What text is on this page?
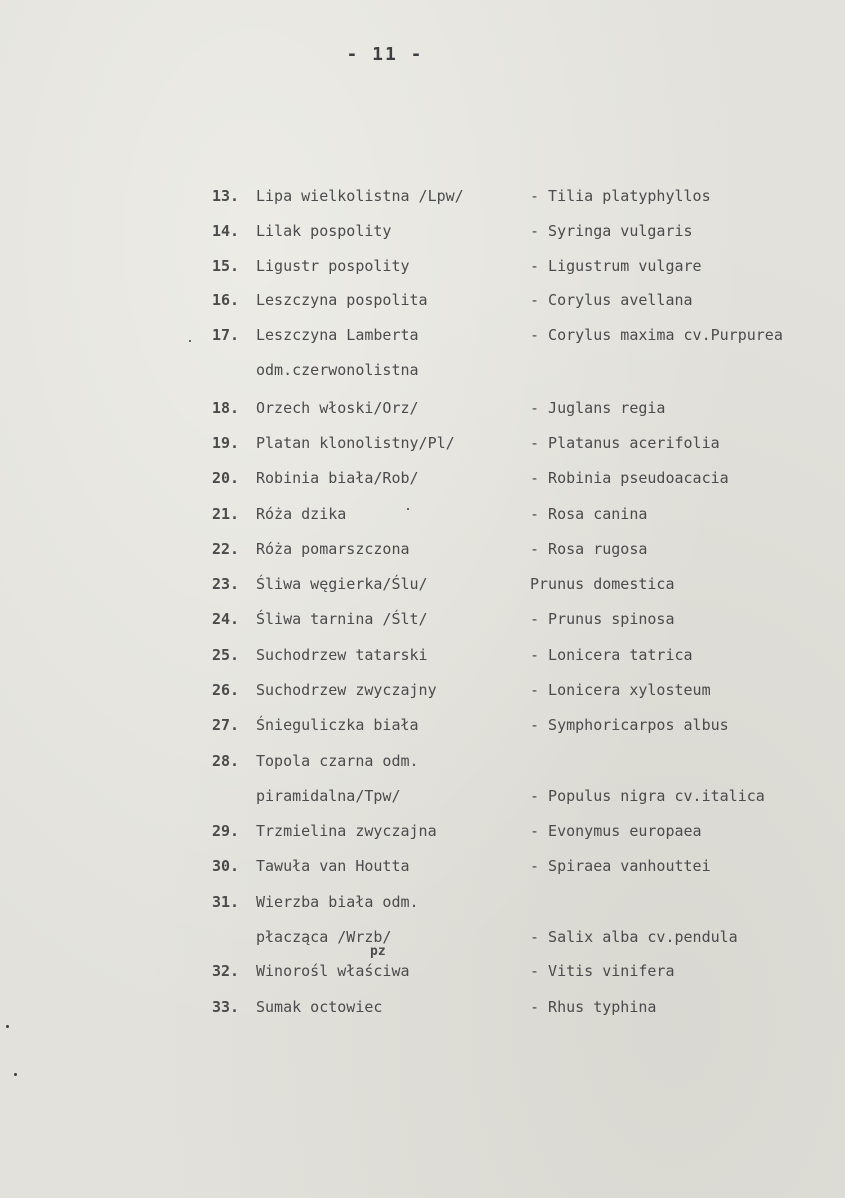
- 11 -
13.	Lipa wielkolistna /Lpw/	- Tilia platyphyllos
14.	Lilak pospolity	- Syringa vulgaris
15.	Ligustr pospolity	- Ligustrum vulgare
16.	Leszczyna pospolita	- Corylus avellana
17.	Leszczyna Lamberta	- Corylus maxima cv.Purpurea
odm.czerwonolistna
18.	Orzech włoski/Orz/	- Juglans regia
19.	Platan klonolistny/Pl/	- Platanus acerifolia
20.	Robinia biała/Rob/	- Robinia pseudoacacia
21.	Róża dzika	- Rosa canina
22.	Róża pomarszczona	- Rosa rugosa
23.	Śliwa węgierka/Ślu/	Prunus domestica
24.	Śliwa tarnina /Ślt/	- Prunus spinosa
25.	Suchodrzew tatarski	- Lonicera tatrica
26.	Suchodrzew zwyczajny	- Lonicera xylosteum
27.	Śnieguliczka biała	- Symphoricarpos albus
28.	Topola czarna odm.
piramidalna/Tpw/	- Populus nigra cv.italica
29.	Trzmielina zwyczajna	- Evonymus europaea
30.	Tawuła van Houtta	- Spiraea vanhouttei
31.	Wierzba biała odm.
płacząca /Wrzb/	- Salix alba cv.pendula
32.	Winorośl właściwa	- Vitis vinifera
33.	Sumak octowiec	- Rhus typhina
pz
